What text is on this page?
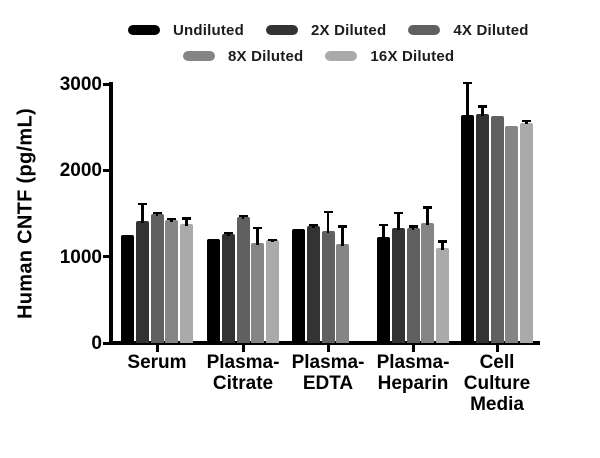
Undiluted	2X Diluted	4X Diluted
8X Diluted	16X Diluted
Human CNTF (pg/mL)
0
1000
2000
3000
Serum	Plasma-
Citrate
Plasma-
EDTA
Plasma-
Heparin
Cell
Culture
Media
